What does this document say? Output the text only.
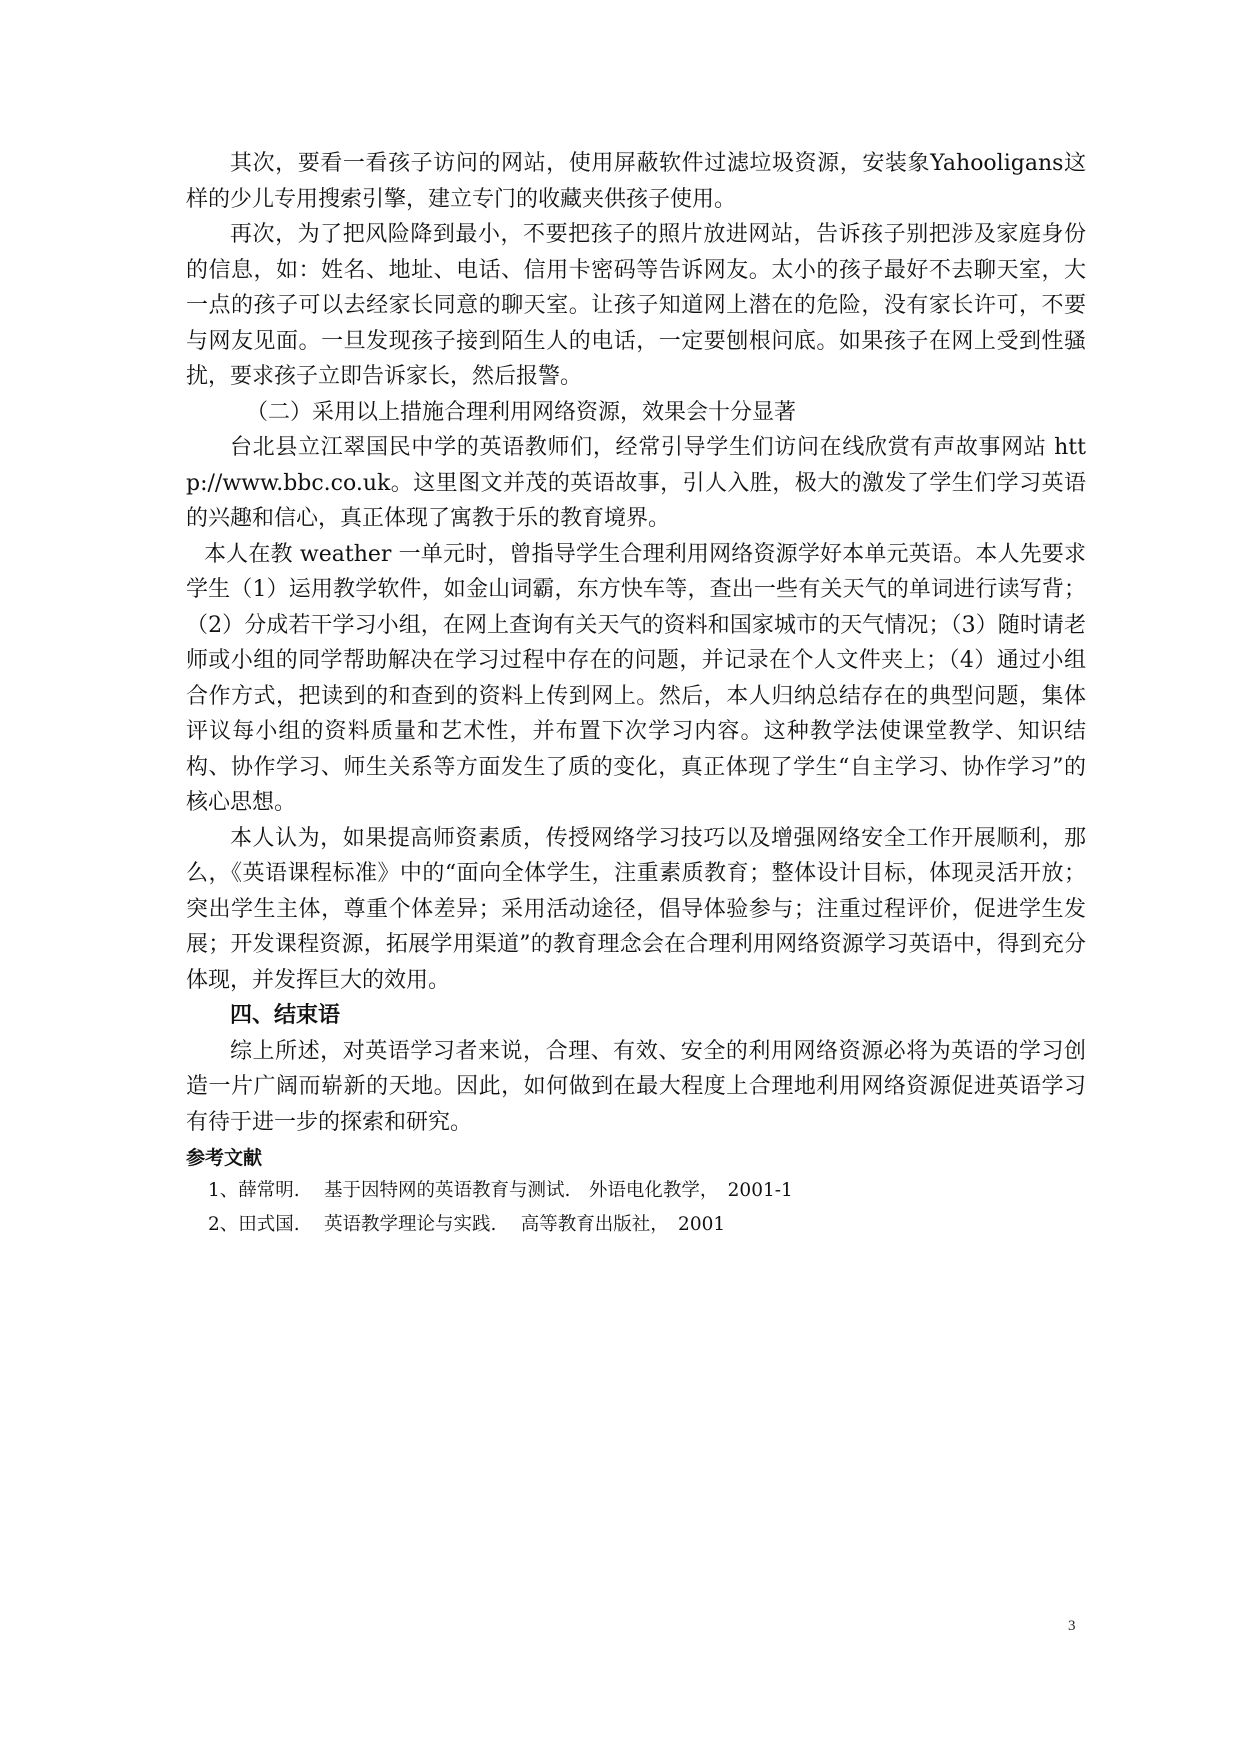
其次，要看一看孩子访问的网站，使用屏蔽软件过滤垃圾资源，安装象Yahooligans这样的少儿专用搜索引擎，建立专门的收藏夹供孩子使用。

再次，为了把风险降到最小，不要把孩子的照片放进网站，告诉孩子别把涉及家庭身份的信息，如：姓名、地址、电话、信用卡密码等告诉网友。太小的孩子最好不去聊天室，大一点的孩子可以去经家长同意的聊天室。让孩子知道网上潜在的危险，没有家长许可，不要与网友见面。一旦发现孩子接到陌生人的电话，一定要刨根问底。如果孩子在网上受到性骚扰，要求孩子立即告诉家长，然后报警。

（二）采用以上措施合理利用网络资源，效果会十分显著

台北县立江翠国民中学的英语教师们，经常引导学生们访问在线欣赏有声故事网站 http://www.bbc.co.uk。这里图文并茂的英语故事，引人入胜，极大的激发了学生们学习英语的兴趣和信心，真正体现了寓教于乐的教育境界。

本人在教 weather 一单元时，曾指导学生合理利用网络资源学好本单元英语。本人先要求学生（1）运用教学软件，如金山词霸，东方快车等，查出一些有关天气的单词进行读写背；（2）分成若干学习小组，在网上查询有关天气的资料和国家城市的天气情况；（3）随时请老师或小组的同学帮助解决在学习过程中存在的问题，并记录在个人文件夹上；（4）通过小组合作方式，把读到的和查到的资料上传到网上。然后，本人归纳总结存在的典型问题，集体评议每小组的资料质量和艺术性，并布置下次学习内容。这种教学法使课堂教学、知识结构、协作学习、师生关系等方面发生了质的变化，真正体现了学生“自主学习、协作学习”的核心思想。

本人认为，如果提高师资素质，传授网络学习技巧以及增强网络安全工作开展顺利，那么，《英语课程标准》中的“面向全体学生，注重素质教育；整体设计目标，体现灵活开放；突出学生主体，尊重个体差异；采用活动途径，倡导体验参与；注重过程评价，促进学生发展；开发课程资源，拓展学用渠道”的教育理念会在合理利用网络资源学习英语中，得到充分体现，并发挥巨大的效用。

四、结束语

综上所述，对英语学习者来说，合理、有效、安全的利用网络资源必将为英语的学习创造一片广阔而崭新的天地。因此，如何做到在最大程度上合理地利用网络资源促进英语学习有待于进一步的探索和研究。

参考文献

1、薛常明.　 基于因特网的英语教育与测试.　外语电化教学，　2001-1

2、田式国.　 英语教学理论与实践.　 高等教育出版社，　2001

3
